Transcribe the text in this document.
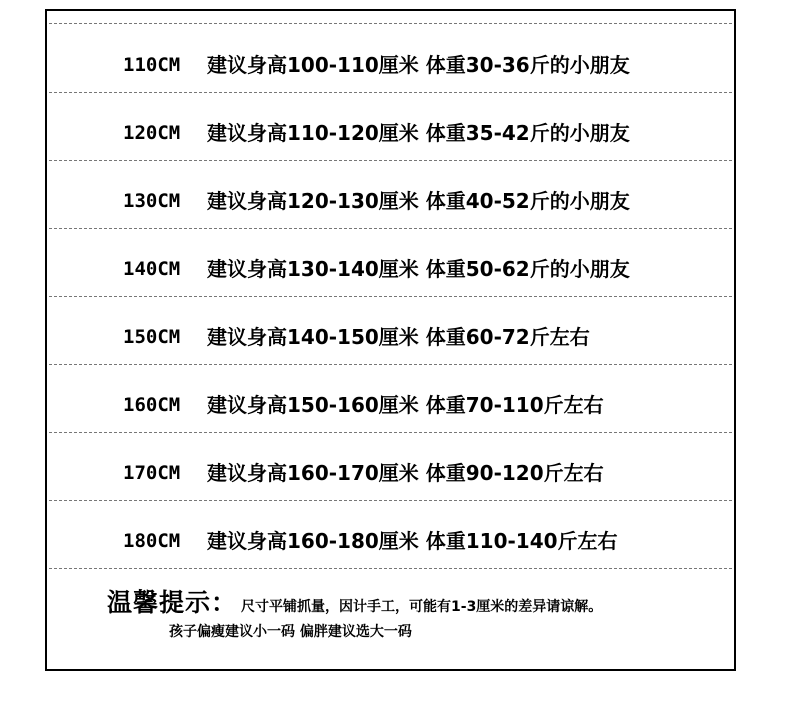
110CM 建议身高100-110厘米 体重30-36斤的小朋友
120CM 建议身高110-120厘米 体重35-42斤的小朋友
130CM 建议身高120-130厘米 体重40-52斤的小朋友
140CM 建议身高130-140厘米 体重50-62斤的小朋友
150CM 建议身高140-150厘米 体重60-72斤左右
160CM 建议身高150-160厘米 体重70-110斤左右
170CM 建议身高160-170厘米 体重90-120斤左右
180CM 建议身高160-180厘米 体重110-140斤左右
温馨提示： 尺寸平铺抓量，因计手工，可能有1-3厘米的差异请谅解。
孩子偏瘦建议小一码 偏胖建议选大一码
